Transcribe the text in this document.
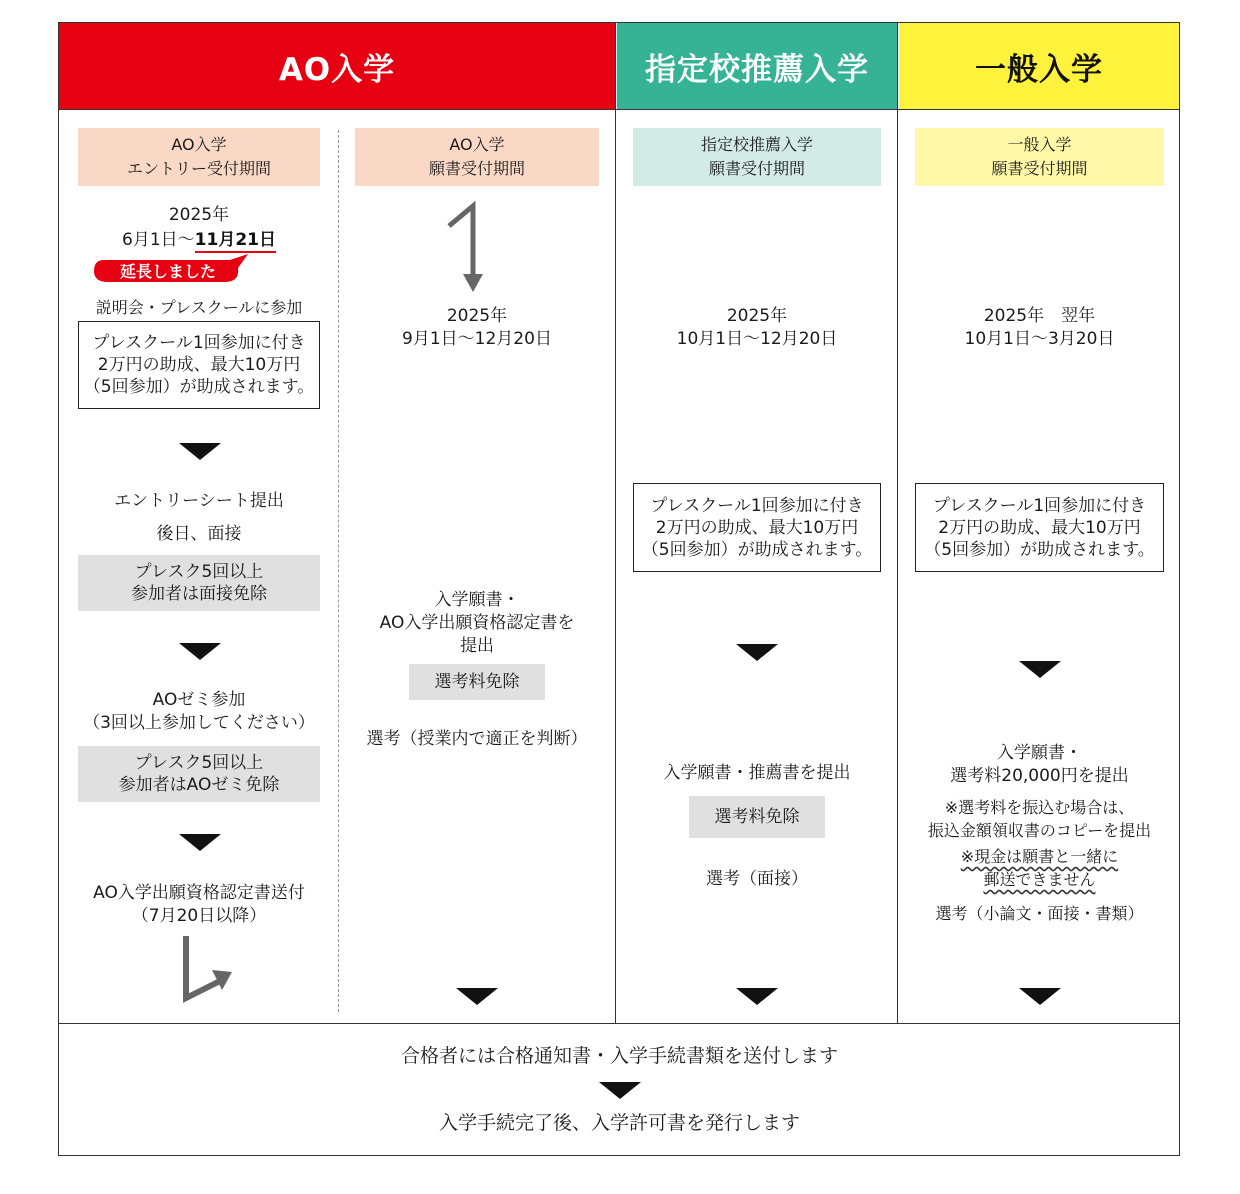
AO入学	指定校推薦入学	一般入学
AO入学
エントリー受付期間
2025年
6月1日〜11月21日
延長しました
説明会・プレスクールに参加
プレスクール1回参加に付き
2万円の助成、最大10万円
（5回参加）が助成されます。
エントリーシート提出
後日、面接
プレスク5回以上
参加者は面接免除
AOゼミ参加
（3回以上参加してください）
プレスク5回以上
参加者はAOゼミ免除
AO入学出願資格認定書送付
（7月20日以降）
AO入学
願書受付期間
2025年
9月1日〜12月20日
入学願書・
AO入学出願資格認定書を
提出
選考料免除
選考（授業内で適正を判断）
指定校推薦入学
願書受付期間
2025年
10月1日〜12月20日
プレスクール1回参加に付き
2万円の助成、最大10万円
（5回参加）が助成されます。
入学願書・推薦書を提出
選考料免除
選考（面接）
一般入学
願書受付期間
2025年　翌年
10月1日〜3月20日
プレスクール1回参加に付き
2万円の助成、最大10万円
（5回参加）が助成されます。
入学願書・
選考料20,000円を提出
※選考料を振込む場合は、
振込金額領収書のコピーを提出
※現金は願書と一緒に
郵送できません
選考（小論文・面接・書類）
合格者には合格通知書・入学手続書類を送付します
入学手続完了後、入学許可書を発行します
